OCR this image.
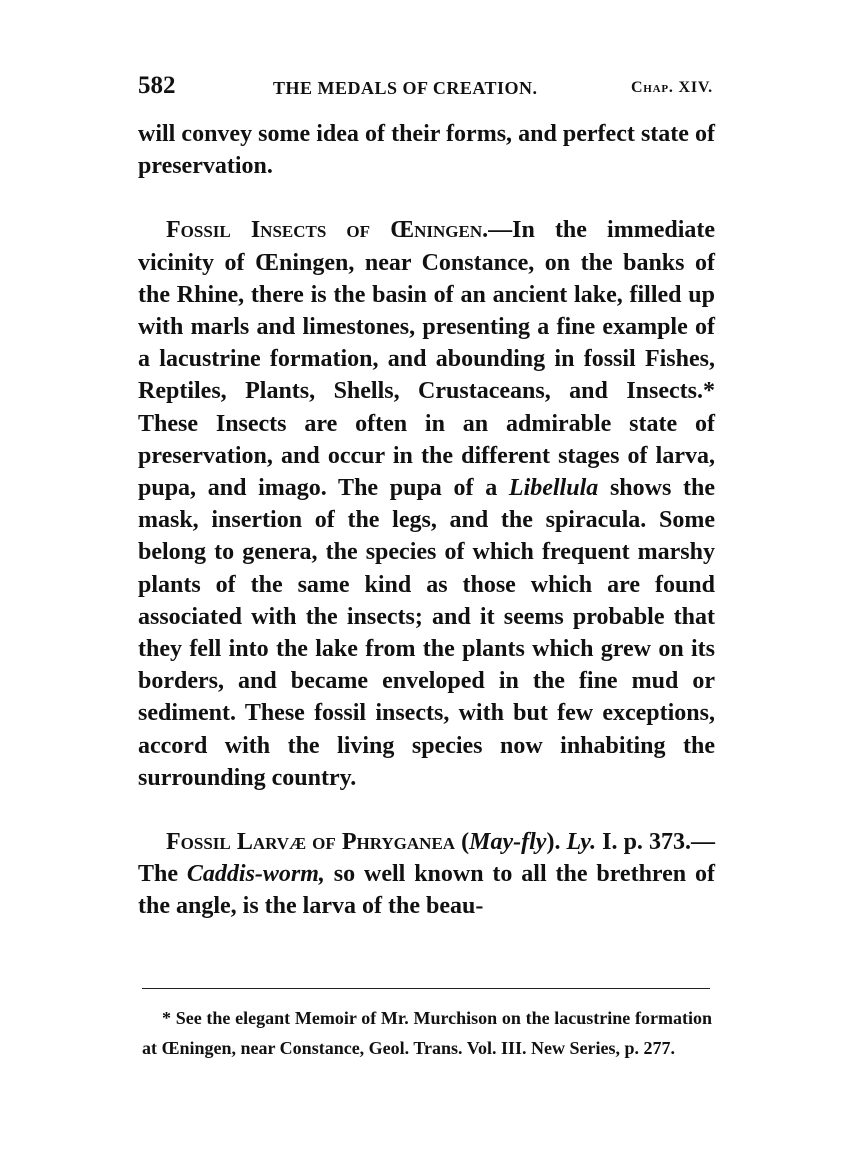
582	THE MEDALS OF CREATION.	Chap. XIV.

will convey some idea of their forms, and perfect state of preservation.

Fossil Insects of Œningen.—In the immediate vicinity of Œningen, near Constance, on the banks of the Rhine, there is the basin of an ancient lake, filled up with marls and limestones, presenting a fine example of a lacustrine formation, and abounding in fossil Fishes, Reptiles, Plants, Shells, Crustaceans, and Insects.* These Insects are often in an admirable state of preservation, and occur in the different stages of larva, pupa, and imago. The pupa of a Libellula shows the mask, insertion of the legs, and the spiracula. Some belong to genera, the species of which frequent marshy plants of the same kind as those which are found associated with the insects; and it seems probable that they fell into the lake from the plants which grew on its borders, and became enveloped in the fine mud or sediment. These fossil insects, with but few exceptions, accord with the living species now inhabiting the surrounding country.

Fossil Larvæ of Phryganea (May-fly). Ly. I. p. 373.—The Caddis-worm, so well known to all the brethren of the angle, is the larva of the beau-

* See the elegant Memoir of Mr. Murchison on the lacustrine formation at Œningen, near Constance, Geol. Trans. Vol. III. New Series, p. 277.
